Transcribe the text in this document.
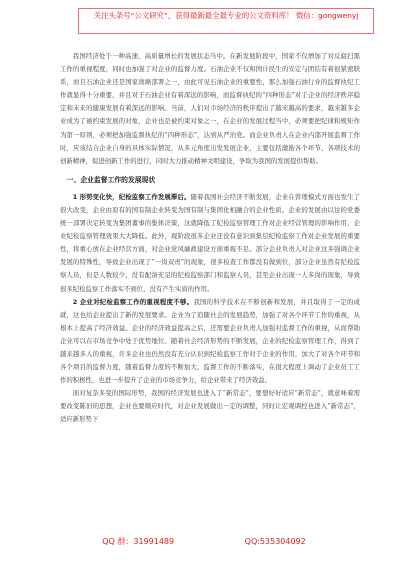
关注头条号“公文研究”，获得最新最全最专业的公文资料库！ 微信：gongwenyj

我国经济处于一种高速、高质量增长的发展状态当中。在新发展阶段中，国家不仅增加了对反腐扫黑工作的重视程度，同时也加强了对企业的监督力度。石油企业不仅和国计民生的安定与团结有着很紧密联系，而且石油企业还是国家战略部署之一，由此可见石油企业的重要性，那么加强石油行业的监督执纪工作就显得十分重要，并且对于石油企业有着深远的影响，而监督执纪的“四种形态”对于企业的经济秩序稳定和未来的健康发展有着深远的影响。当前，人们对市场经济的秩序提出了越来越高的要求，越来越多企业成为了被约束发展的对象，企业也是被约束对象之一，在企业的发展过程当中，必须要把纪律和规矩作为第一原则，必须把加强监督执纪的“四种形态”，达到从严治党。而企业负责人在企业内部开展监督工作时，应该结合企业自身的具体实际情况，从多元角度出发发展企业，主要包括激励各个环节、各项技术的创新精神，促进创新工作的进行，同时大力推动精神文明建设，争取为我国的发展提供帮助。

一、企业监督工作的发展现状

1 形势变化快，纪检监察工作发展滞后。随着我国社会经济不断发展，企业在管理模式方面也发生了很大改变，企业由原有的国有制企业转变为国有制与集团化相融合的企业性质。企业的发展由以往的党委统一部署决定转变为集团董事的集体决策，这就降低了纪检监察管理工作对企业经营管理的影响作用，企业纪检监察管理效果大大降低。此外，现阶段很多企业还没有意识到集层纪检监察工作对企业发展的重要性，将重心放在企业经营方面，对企业党风廉政建设方面重视不足。部分企业负责人对企业这多强调企业发展的特殊性，导致企业出现了“一岗双责”的现象，很多检查工作都没有做到位，部分企业虽然有纪检监察人员，但是人数较少，没有配备充足的纪检监察部门和监察人员，甚至企业出现一人多岗的现象，导致很多纪检监察工作落实不到位，没有产生实质的作用。

2 企业对纪检监察工作的重视程度不够。我国的科学技术在不断创新和发展，并且取得了一定的成就，这也给企业提出了新的发展要求。企业为了追随社会的发展趋势，加强了对各个环节工作的重视，从根本上提高了经济效益。企业的经济效益提高之后，还需要企业负责人加强对监督工作的重视，从而帮助企业可以在市场竞争中处于优势地位。随着社会经济形势的不断发展，企业的纪检监察管理工作，得到了越来越多人的重视，许多企业也仍然没有充分认识到纪检监察工作对于企业的作用，加大了对各个环节和各个项目的监督力度，随着监督力度的不断加大，监督工作的不断落实，在很大程度上调动了企业员工工作的积极性，也进一步提升了企业的市场竞争力，给企业带来了经济效益。

面对复杂多变的国际形势，我国的经济发展也进入了“新常态”，要想好好适应“新常态”，就意味着需要改变陈旧的思想，企业也要顺应时代，对企业发展做出一定的调整，同时让宏观调控也进入“新常态”，适应新形势下

QQ 群：31991489	QQ:535304092
